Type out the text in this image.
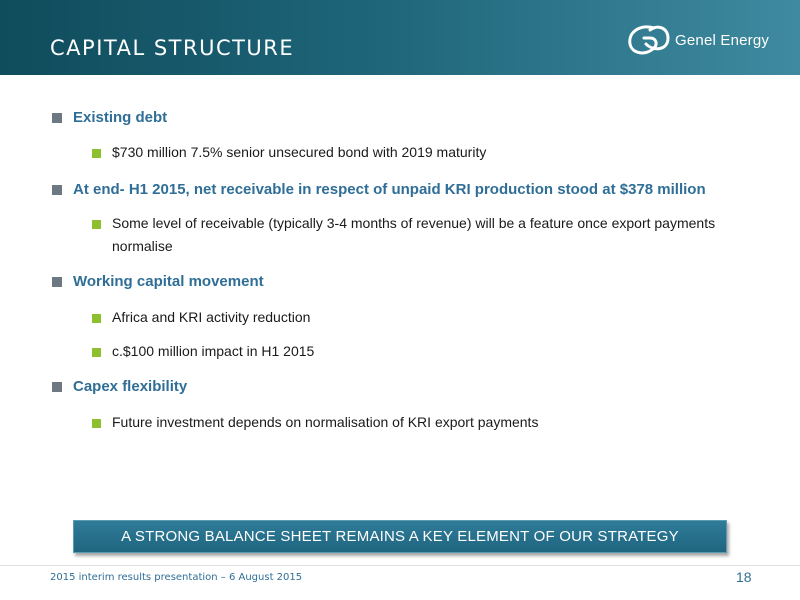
CAPITAL STRUCTURE	Genel Energy
Existing debt
$730 million 7.5% senior unsecured bond with 2019 maturity
At end- H1 2015, net receivable in respect of unpaid KRI production stood at $378 million
Some level of receivable (typically 3-4 months of revenue) will be a feature once export payments normalise
Working capital movement
Africa and KRI activity reduction
c.$100 million impact in H1 2015
Capex flexibility
Future investment depends on normalisation of KRI export payments
A STRONG BALANCE SHEET REMAINS A KEY ELEMENT OF OUR STRATEGY
2015 interim results presentation – 6 August 2015	18
